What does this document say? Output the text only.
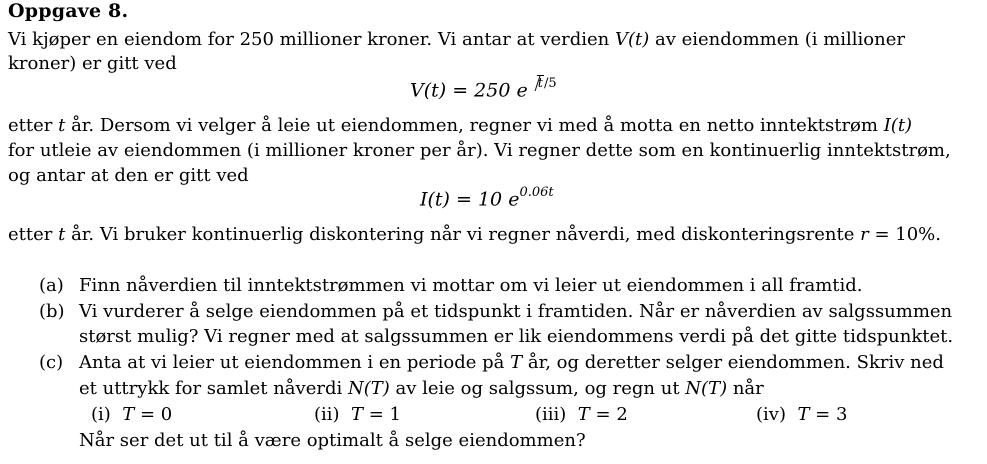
Oppgave 8.
Vi kjøper en eiendom for 250 millioner kroner. Vi antar at verdien V(t) av eiendommen (i millioner
kroner) er gitt ved
V(t) = 250 e $^{t/5}$
etter t år. Dersom vi velger å leie ut eiendommen, regner vi med å motta en netto inntektstrøm I(t)
for utleie av eiendommen (i millioner kroner per år). Vi regner dette som en kontinuerlig inntektstrøm,
og antar at den er gitt ved
I(t) = 10 $e^{0.06t}$
etter t år. Vi bruker kontinuerlig diskontering når vi regner nåverdi, med diskonteringsrente r = 10%.
(a) Finn nåverdien til inntektstrømmen vi mottar om vi leier ut eiendommen i all framtid.
(b) Vi vurderer å selge eiendommen på et tidspunkt i framtiden. Når er nåverdien av salgssummen
størst mulig? Vi regner med at salgssummen er lik eiendommens verdi på det gitte tidspunktet.
(c) Anta at vi leier ut eiendommen i en periode på T år, og deretter selger eiendommen. Skriv ned
et uttrykk for samlet nåverdi N(T) av leie og salgssum, og regn ut N(T) når
(i) T = 0	(ii) T = 1	(iii) T = 2	(iv) T = 3
Når ser det ut til å være optimalt å selge eiendommen?
